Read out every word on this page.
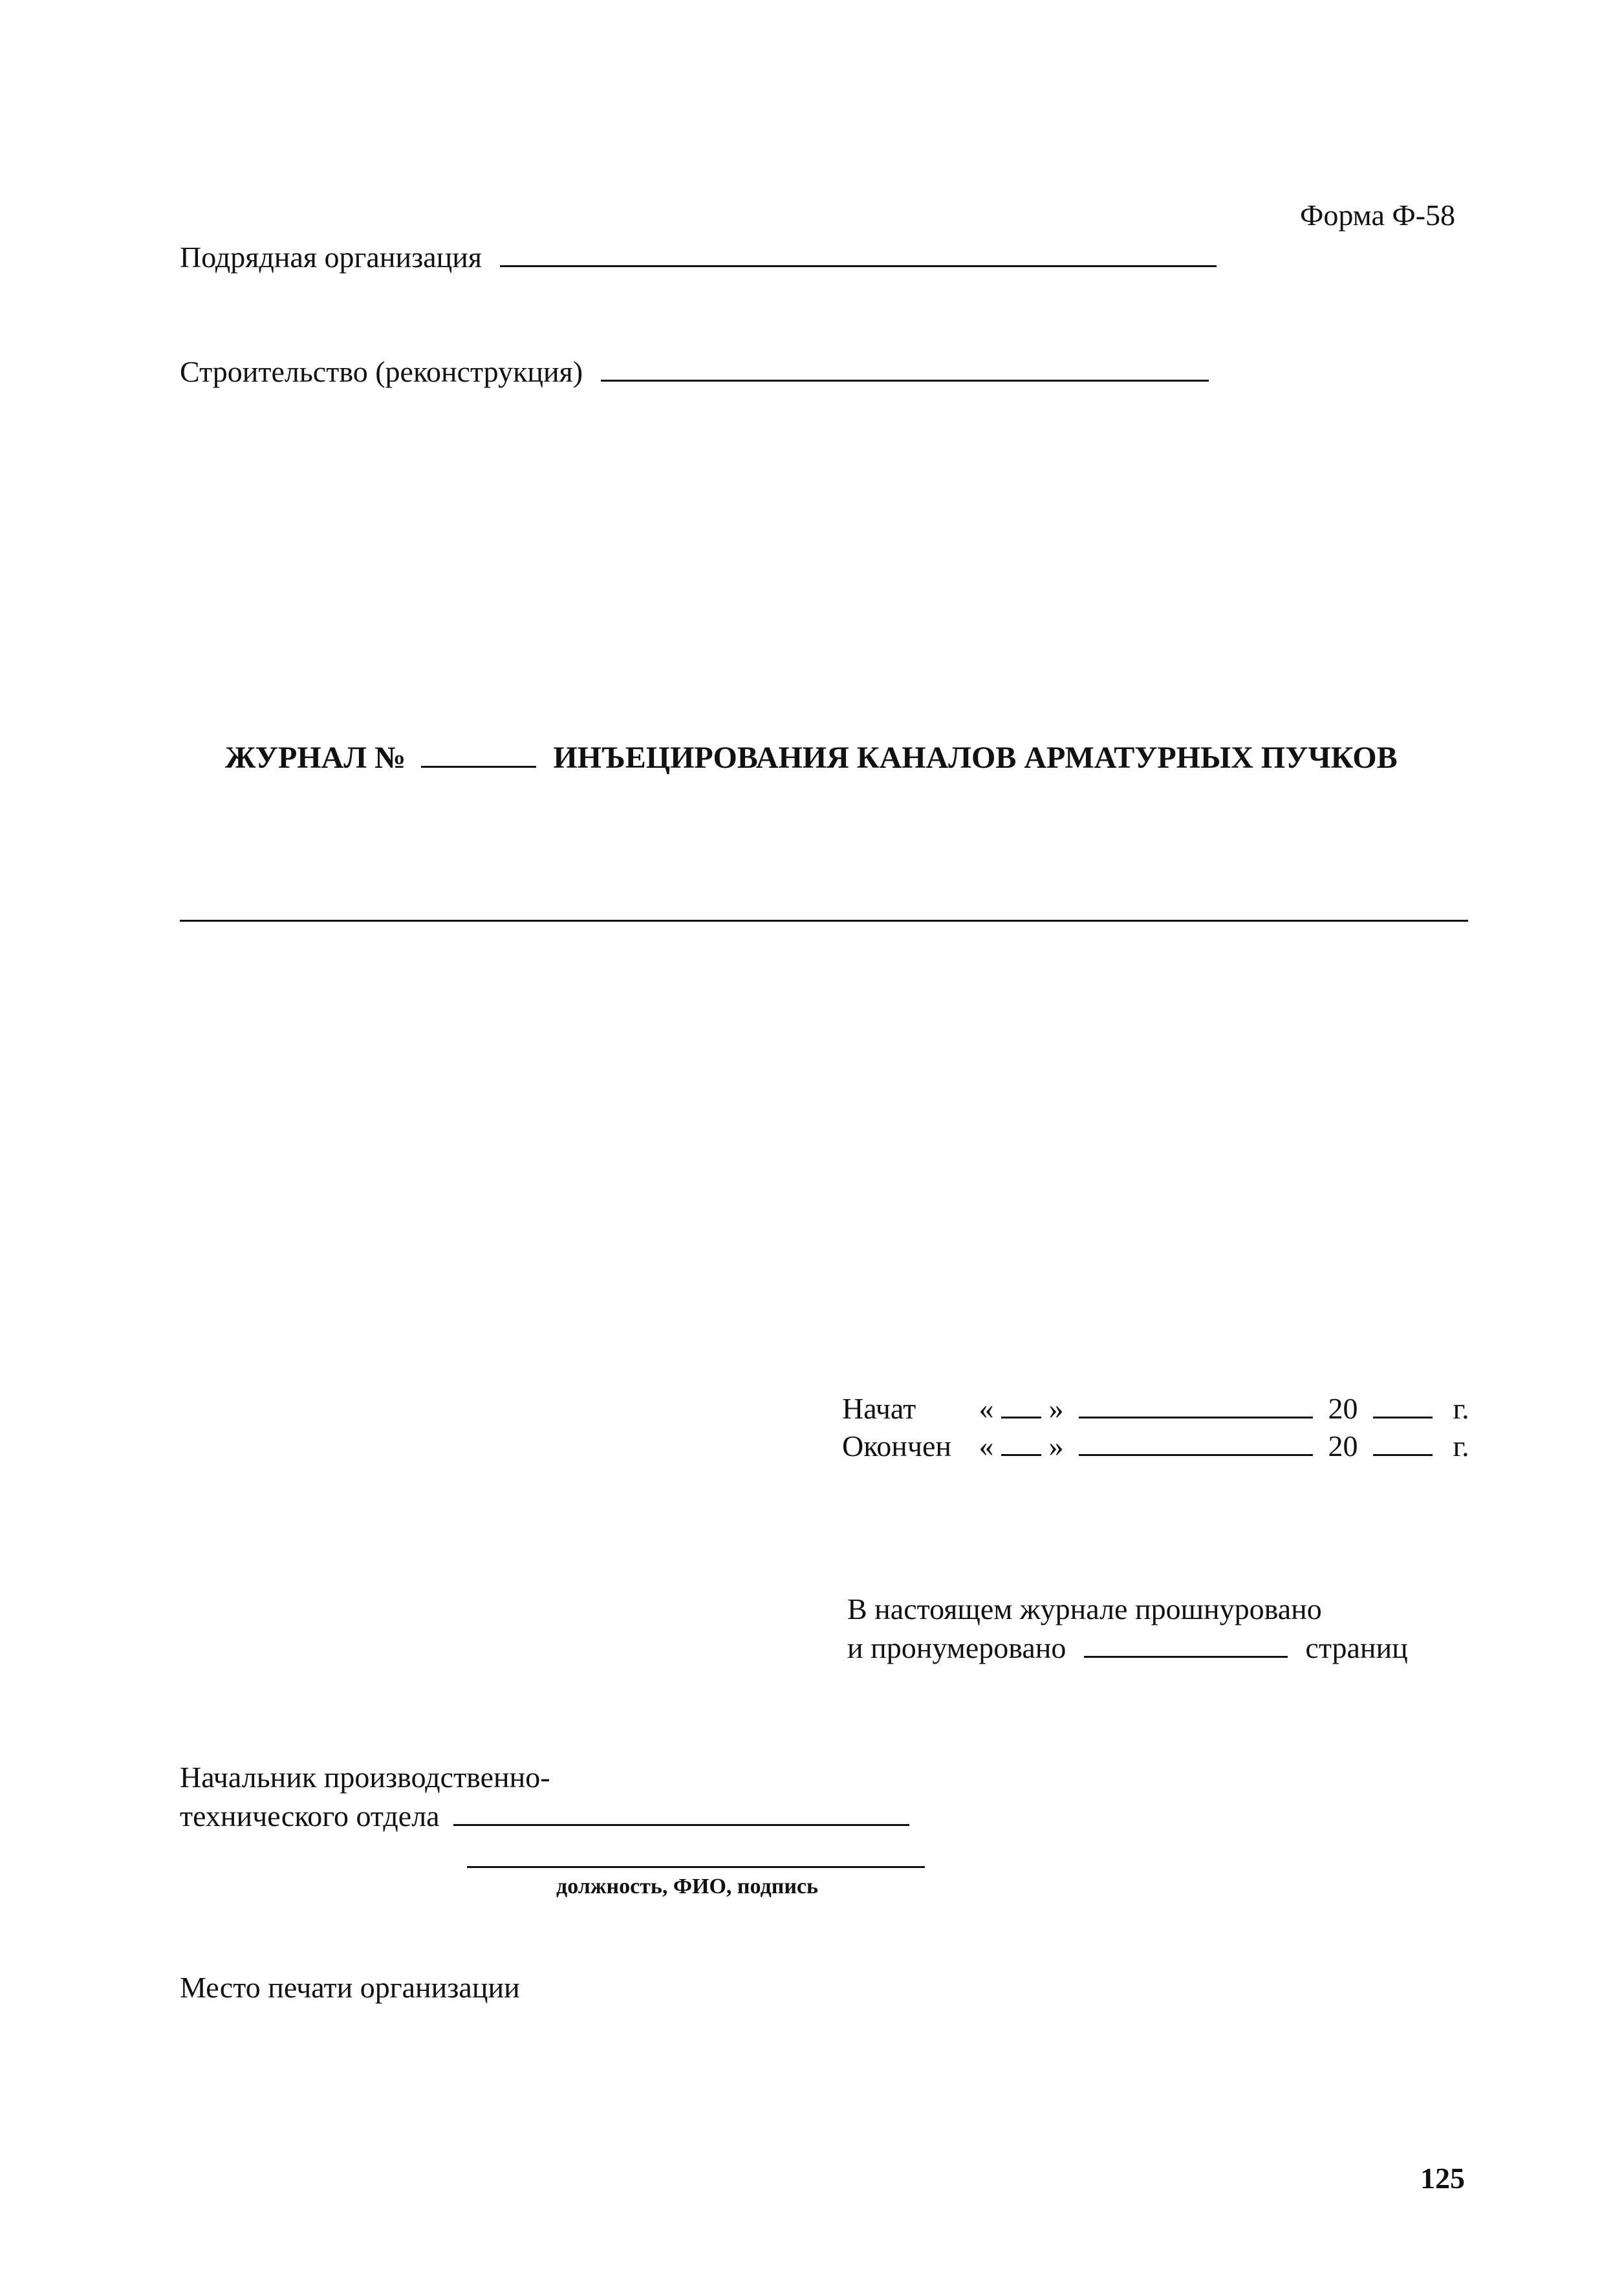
Форма Ф-58
Подрядная организация
Строительство (реконструкция)
ЖУРНАЛ №	ИНЪЕЦИРОВАНИЯ КАНАЛОВ АРМАТУРНЫХ ПУЧКОВ
Начат « »	20	г.
Окончен « »	20	г.
В настоящем журнале прошнуровано
и пронумеровано	страниц
Начальник производственно-
технического отдела
должность, ФИО, подпись
Место печати организации
125
